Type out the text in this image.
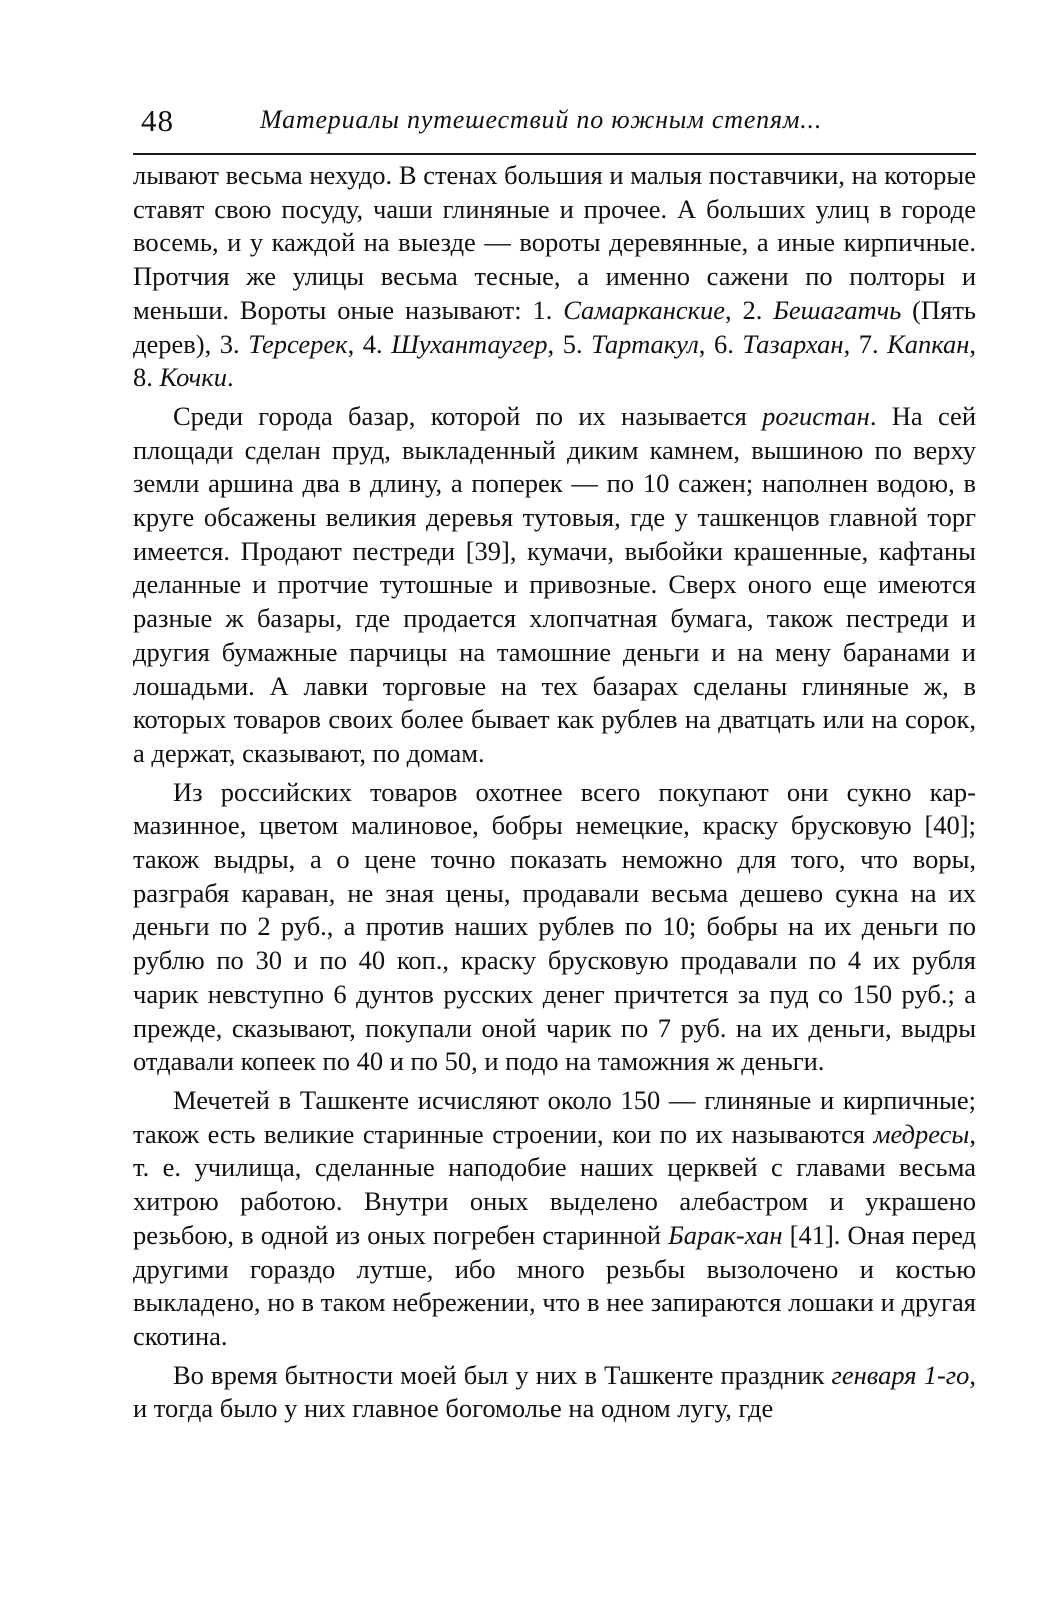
48	Материалы путешествий по южным степям...

лывают весьма нехудо. В стенах большия и малыя поставчики, на которые ставят свою посуду, чаши глиняные и прочее. А больших улиц в городе восемь, и у каждой на выезде — вороты деревянные, а иные кирпичные. Протчия же улицы весьма тесные, а именно сажени по полторы и меньши. Вороты оные называют: 1. Самарканские, 2. Бешагатчь (Пять дерев), 3. Терсерек, 4. Шухантаугер, 5. Тартакул, 6. Тазархан, 7. Капкан, 8. Кочки.

Среди города базар, которой по их называется рогистан. На сей площади сделан пруд, выкладенный диким камнем, вышиною по верху земли аршина два в длину, а поперек — по 10 сажен; наполнен водою, в круге обсажены великия деревья тутовыя, где у ташкенцов главной торг имеется. Продают пестреди [39], кумачи, выбойки крашенные, кафтаны деланные и протчие тутошные и привозные. Сверх оного еще имеются разные ж базары, где продается хлопчатная бумага, також пестреди и другия бумажные парчицы на тамошние деньги и на мену баранами и лошадьми. А лавки торговые на тех базарах сделаны глиняные ж, в которых товаров своих более бывает как рублев на дватцать или на сорок, а держат, сказывают, по домам.

Из российских товаров охотнее всего покупают они сукно кармазинное, цветом малиновое, бобры немецкие, краску брусковую [40]; також выдры, а о цене точно показать неможно для того, что воры, разграбя караван, не зная цены, продавали весьма дешево сукна на их деньги по 2 руб., а против наших рублев по 10; бобры на их деньги по рублю по 30 и по 40 коп., краску брусковую продавали по 4 их рубля чарик невступно 6 дунтов русских денег причтется за пуд со 150 руб.; а прежде, сказывают, покупали оной чарик по 7 руб. на их деньги, выдры отдавали копеек по 40 и по 50, и подо на таможния ж деньги.

Мечетей в Ташкенте исчисляют около 150 — глиняные и кирпичные; також есть великие старинные строении, кои по их называются медресы, т. е. училища, сделанные наподобие наших церквей с главами весьма хитрою работою. Внутри оных выделено алебастром и украшено резьбою, в одной из оных погребен старинной Барак-хан [41]. Оная перед другими гораздо лутше, ибо много резьбы вызолочено и костью выкладено, но в таком небрежении, что в нее запираются лошаки и другая скотина.

Во время бытности моей был у них в Ташкенте праздник генваря 1-го, и тогда было у них главное богомолье на одном лугу, где
